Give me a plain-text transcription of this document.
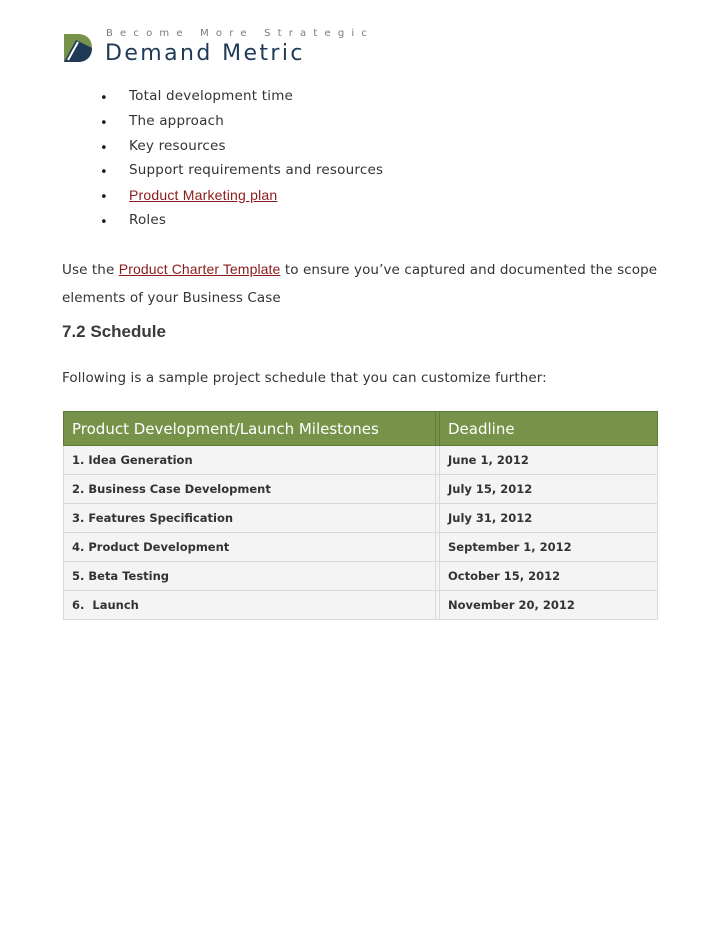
Become More Strategic
Demand Metric
• Total development time
• The approach
• Key resources
• Support requirements and resources
• Product Marketing plan
• Roles
Use the Product Charter Template to ensure you’ve captured and documented the scope elements of your Business Case
7.2 Schedule
Following is a sample project schedule that you can customize further:
Product Development/Launch Milestones		Deadline
1. Idea Generation		June 1, 2012
2. Business Case Development		July 15, 2012
3. Features Specification		July 31, 2012
4. Product Development		September 1, 2012
5. Beta Testing		October 15, 2012
6.  Launch		November 20, 2012
